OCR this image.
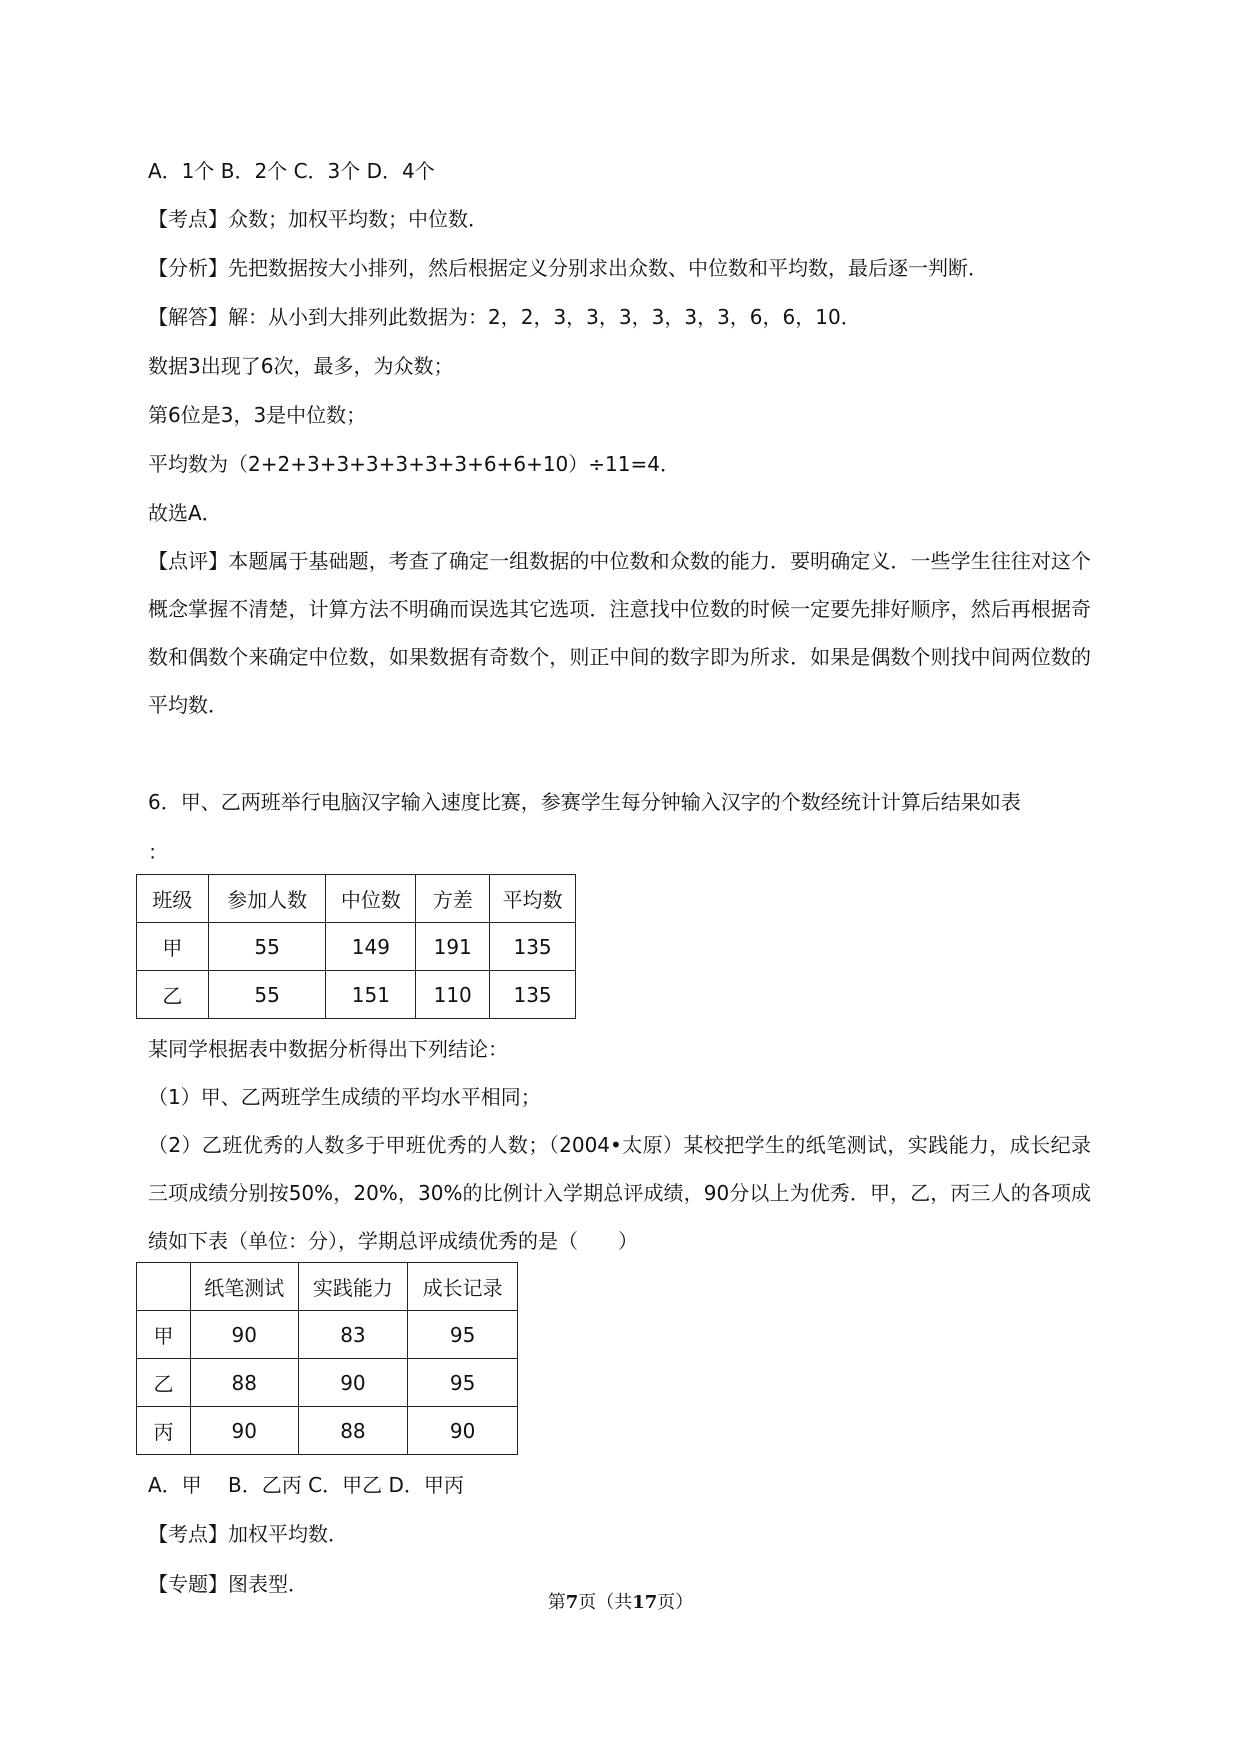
A．1个 B．2个 C．3个 D．4个
【考点】众数；加权平均数；中位数．
【分析】先把数据按大小排列，然后根据定义分别求出众数、中位数和平均数，最后逐一判断．
【解答】解：从小到大排列此数据为：2，2，3，3，3，3，3，3，6，6，10．
数据3出现了6次，最多，为众数；
第6位是3，3是中位数；
平均数为（2+2+3+3+3+3+3+3+6+6+10）÷11=4．
故选A．
【点评】本题属于基础题，考查了确定一组数据的中位数和众数的能力．要明确定义．一些学生往往对这个概念掌握不清楚，计算方法不明确而误选其它选项．注意找中位数的时候一定要先排好顺序，然后再根据奇数和偶数个来确定中位数，如果数据有奇数个，则正中间的数字即为所求．如果是偶数个则找中间两位数的平均数．
6．甲、乙两班举行电脑汉字输入速度比赛，参赛学生每分钟输入汉字的个数经统计计算后结果如表
：
班级	参加人数	中位数	方差	平均数
甲	55	149	191	135
乙	55	151	110	135
某同学根据表中数据分析得出下列结论：
（1）甲、乙两班学生成绩的平均水平相同；
（2）乙班优秀的人数多于甲班优秀的人数；（2004•太原）某校把学生的纸笔测试，实践能力，成长纪录三项成绩分别按50%，20%，30%的比例计入学期总评成绩，90分以上为优秀．甲，乙，丙三人的各项成绩如下表（单位：分），学期总评成绩优秀的是（　　）
	纸笔测试	实践能力	成长记录
甲	90	83	95
乙	88	90	95
丙	90	88	90
A．甲　 B．乙丙 C．甲乙 D．甲丙
【考点】加权平均数．
【专题】图表型．
第7页（共17页）
